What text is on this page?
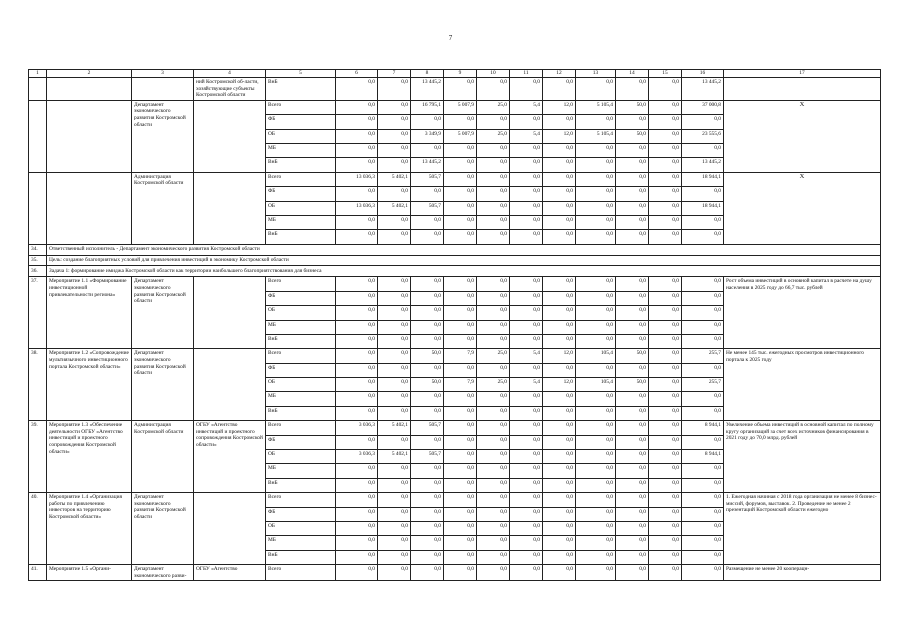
7
1	2	3	4	5	6	7	8	9	10	11	12	13	14	15	16	17
			ний Костромской об-ласти, хозяйствующие субъекты Костромской области	ВнБ	0,0	0,0	13 445,2	0,0	0,0	0,0	0,0	0,0	0,0	0,0	13 445,2	
		Департамент экономического развития Костромской области		Всего	0,0	0,0	16 795,1	5 007,9	25,0	5,4	12,0	5 105,4	50,0	0,0	37 000,8	X
				ФБ	0,0	0,0	0,0	0,0	0,0	0,0	0,0	0,0	0,0	0,0	0,0	
				ОБ	0,0	0,0	3 349,9	5 007,9	25,0	5,4	12,0	5 105,4	50,0	0,0	23 555,6	
				МБ	0,0	0,0	0,0	0,0	0,0	0,0	0,0	0,0	0,0	0,0	0,0	
				ВнБ	0,0	0,0	13 445,2	0,0	0,0	0,0	0,0	0,0	0,0	0,0	13 445,2	
		Администрация Костромской области		Всего	13 036,3	5 402,1	505,7	0,0	0,0	0,0	0,0	0,0	0,0	0,0	18 944,1	X
				ФБ	0,0	0,0	0,0	0,0	0,0	0,0	0,0	0,0	0,0	0,0	0,0	
				ОБ	13 036,3	5 402,1	505,7	0,0	0,0	0,0	0,0	0,0	0,0	0,0	18 944,1	
				МБ	0,0	0,0	0,0	0,0	0,0	0,0	0,0	0,0	0,0	0,0	0,0	
				ВнБ	0,0	0,0	0,0	0,0	0,0	0,0	0,0	0,0	0,0	0,0	0,0	
34.	Ответственный исполнитель - Департамент экономического развития Костромской области															
35.	Цель: создание благоприятных условий для привлечения инвестиций в экономику Костромской области															
36.	Задача 1: формирование имиджа Костромской области как территории наибольшего благоприятствования для бизнеса															
37.	Мероприятие 1.1 «Формирование инвестиционной привлекательности региона»	Департамент экономического развития Костромской области		Всего	0,0	0,0	0,0	0,0	0,0	0,0	0,0	0,0	0,0	0,0	0,0	Рост объема инвестиций в основной капитал в расчете на душу населения в 2025 году до 66,7 тыс. рублей
				ФБ	0,0	0,0	0,0	0,0	0,0	0,0	0,0	0,0	0,0	0,0	0,0	
				ОБ	0,0	0,0	0,0	0,0	0,0	0,0	0,0	0,0	0,0	0,0	0,0	
				МБ	0,0	0,0	0,0	0,0	0,0	0,0	0,0	0,0	0,0	0,0	0,0	
				ВнБ	0,0	0,0	0,0	0,0	0,0	0,0	0,0	0,0	0,0	0,0	0,0	
38.	Мероприятие 1.2 «Сопровождение мультиязычного инвестиционного портала Костромской области»	Департамент экономического развития Костромской области		Всего	0,0	0,0	50,0	7,9	25,0	5,4	12,0	105,4	50,0	0,0	255,7	Не менее 145 тыс. ежегодных просмотров инвестиционного портала к 2025 году
				ФБ	0,0	0,0	0,0	0,0	0,0	0,0	0,0	0,0	0,0	0,0	0,0	
				ОБ	0,0	0,0	50,0	7,9	25,0	5,4	12,0	105,4	50,0	0,0	255,7	
				МБ	0,0	0,0	0,0	0,0	0,0	0,0	0,0	0,0	0,0	0,0	0,0	
				ВнБ	0,0	0,0	0,0	0,0	0,0	0,0	0,0	0,0	0,0	0,0	0,0	
39.	Мероприятие 1.3 «Обеспечение деятельности ОГБУ «Агентство инвестиций и проектного сопровождения Костромской области»	Администрация Костромской области	ОГБУ «Агентство инвестиций и проектного сопровождения Костромской области»	Всего	3 036,3	5 402,1	505,7	0,0	0,0	0,0	0,0	0,0	0,0	0,0	8 944,1	Увеличение объема инвестиций в основной капитал по полному кругу организаций за счет всех источников финансирования в 2021 году до 70,0 млрд. рублей
				ФБ	0,0	0,0	0,0	0,0	0,0	0,0	0,0	0,0	0,0	0,0	0,0	
				ОБ	3 036,3	5 402,1	505,7	0,0	0,0	0,0	0,0	0,0	0,0	0,0	8 944,1	
				МБ	0,0	0,0	0,0	0,0	0,0	0,0	0,0	0,0	0,0	0,0	0,0	
				ВнБ	0,0	0,0	0,0	0,0	0,0	0,0	0,0	0,0	0,0	0,0	0,0	
40.	Мероприятие 1.4 «Организация работы по привлечению инвесторов на территорию Костромской области»	Департамент экономического развития Костромской области		Всего	0,0	0,0	0,0	0,0	0,0	0,0	0,0	0,0	0,0	0,0	0,0	1. Ежегодная начиная с 2018 года организация не менее 8 бизнес-миссий, форумов, выставок. 2. Проведение не менее 2 презентаций Костромской области ежегодно
				ФБ	0,0	0,0	0,0	0,0	0,0	0,0	0,0	0,0	0,0	0,0	0,0	
				ОБ	0,0	0,0	0,0	0,0	0,0	0,0	0,0	0,0	0,0	0,0	0,0	
				МБ	0,0	0,0	0,0	0,0	0,0	0,0	0,0	0,0	0,0	0,0	0,0	
				ВнБ	0,0	0,0	0,0	0,0	0,0	0,0	0,0	0,0	0,0	0,0	0,0	
41.	Мероприятие 1.5 «Органи-	Департамент экономического разви-	ОГБУ «Агентство	Всего	0,0	0,0	0,0	0,0	0,0	0,0	0,0	0,0	0,0	0,0	0,0	Размещение не менее 20 кооперацн-
